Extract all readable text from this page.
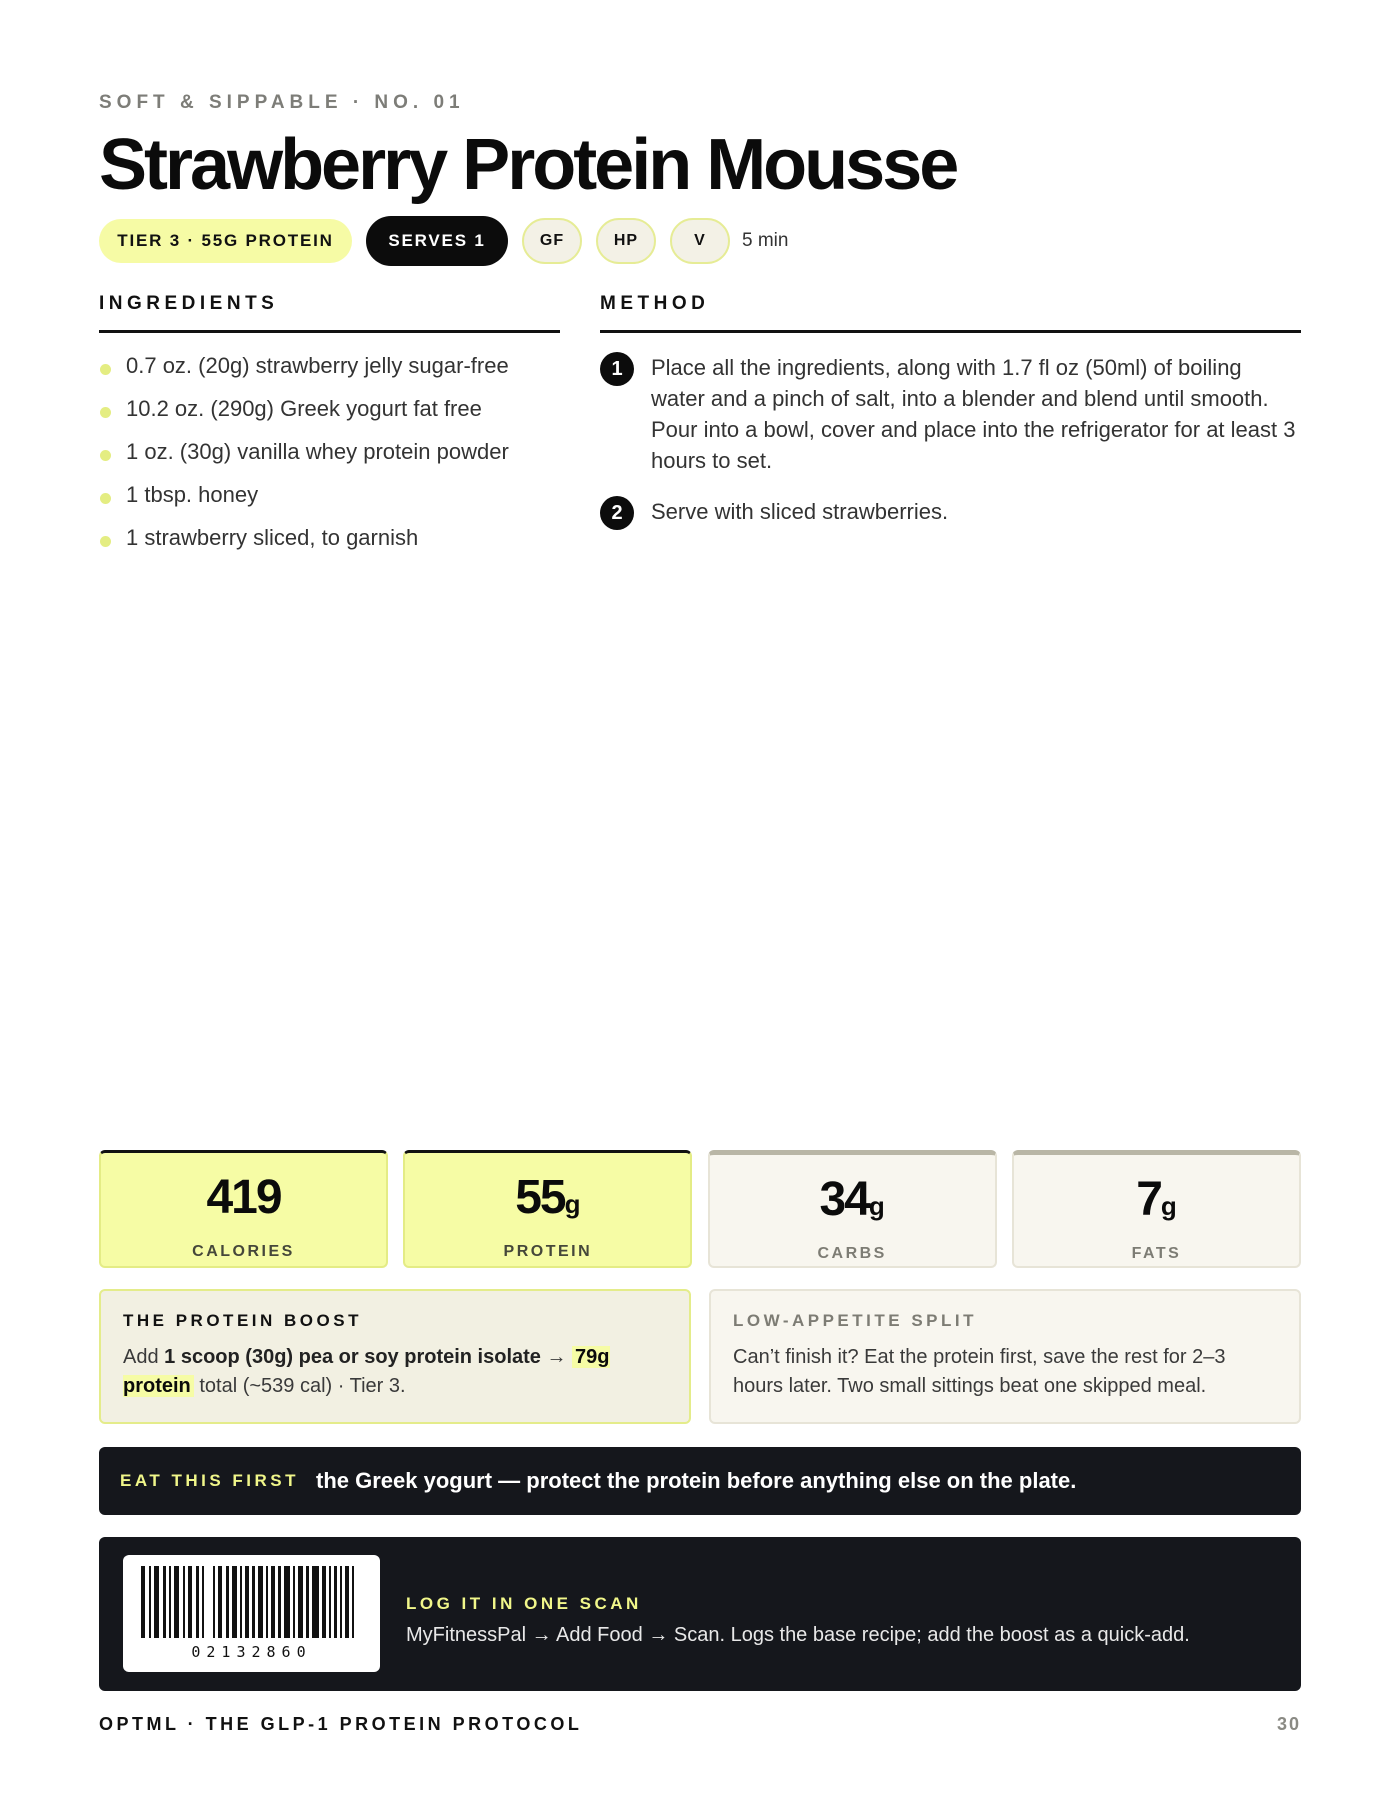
SOFT & SIPPABLE · NO. 01
Strawberry Protein Mousse
TIER 3 · 55G PROTEIN	SERVES 1	GF	HP	V	5 min
INGREDIENTS	METHOD
0.7 oz. (20g) strawberry jelly sugar-free
10.2 oz. (290g) Greek yogurt fat free
1 oz. (30g) vanilla whey protein powder
1 tbsp. honey
1 strawberry sliced, to garnish
1	Place all the ingredients, along with 1.7 fl oz (50ml) of boiling water and a pinch of salt, into a blender and blend until smooth. Pour into a bowl, cover and place into the refrigerator for at least 3 hours to set.
2	Serve with sliced strawberries.
419
CALORIES
55g
PROTEIN
34g
CARBS
7g
FATS
THE PROTEIN BOOST
Add 1 scoop (30g) pea or soy protein isolate → 79g protein total (~539 cal) · Tier 3.
LOW-APPETITE SPLIT
Can’t finish it? Eat the protein first, save the rest for 2–3 hours later. Two small sittings beat one skipped meal.
EAT THIS FIRST the Greek yogurt — protect the protein before anything else on the plate.
02132860
LOG IT IN ONE SCAN
MyFitnessPal → Add Food → Scan. Logs the base recipe; add the boost as a quick-add.
OPTML · THE GLP-1 PROTEIN PROTOCOL	30
